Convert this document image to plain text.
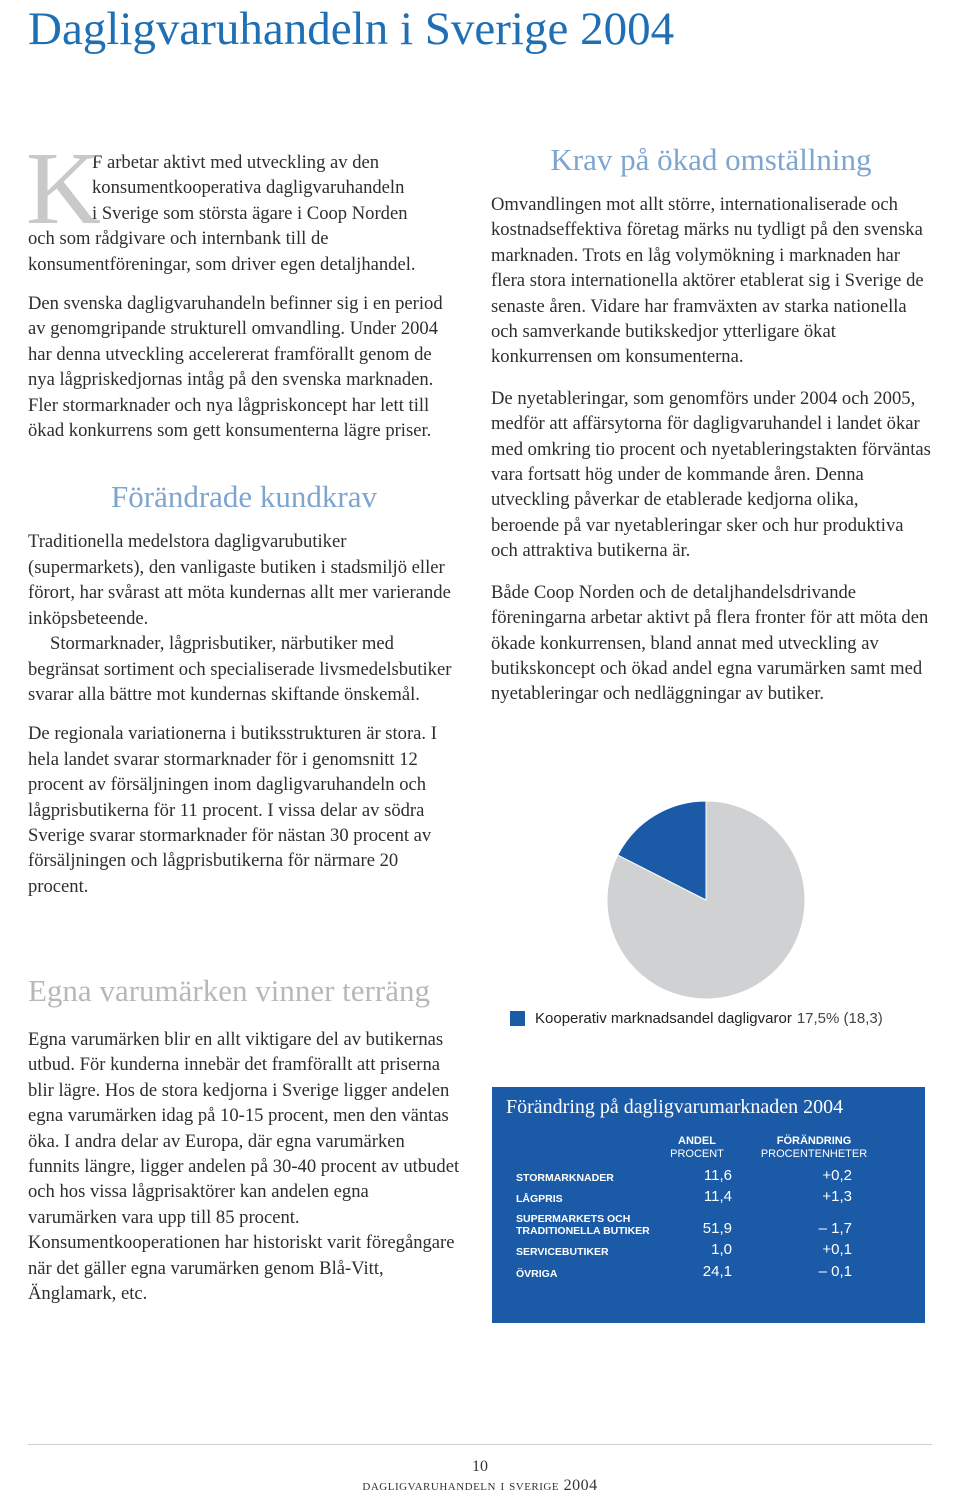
Dagligvaruhandeln i Sverige 2004
K
F arbetar aktivt med utveckling av den
konsumentkooperativa dagligvaruhandeln
i Sverige som största ägare i Coop Norden
och som rådgivare och internbank till de konsumentföreningar, som driver egen detaljhandel.

Den svenska dagligvaruhandeln befinner sig i en period av genomgripande strukturell omvandling. Under 2004 har denna utveckling accelererat framförallt genom de nya lågpriskedjornas intåg på den svenska marknaden. Fler stormarknader och nya lågpriskoncept har lett till ökad konkurrens som gett konsumenterna lägre priser.

Förändrade kundkrav

Traditionella medelstora dagligvarubutiker (supermarkets), den vanligaste butiken i stadsmiljö eller förort, har svårast att möta kundernas allt mer varierande inköpsbeteende.

Stormarknader, lågprisbutiker, närbutiker med begränsat sortiment och specialiserade livsmedelsbutiker svarar alla bättre mot kundernas skiftande önskemål.

De regionala variationerna i butiksstrukturen är stora. I hela landet svarar stormarknader för i genomsnitt 12 procent av försäljningen inom dagligvaruhandeln och lågprisbutikerna för 11 procent. I vissa delar av södra Sverige svarar stormarknader för nästan 30 procent av försäljningen och lågprisbutikerna för närmare 20 procent.

Egna varumärken vinner terräng

Egna varumärken blir en allt viktigare del av butikernas utbud. För kunderna innebär det framförallt att priserna blir lägre. Hos de stora kedjorna i Sverige ligger andelen egna varumärken idag på 10-15 procent, men den väntas öka. I andra delar av Europa, där egna varumärken funnits längre, ligger andelen på 30-40 procent av utbudet och hos vissa lågprisaktörer kan andelen egna varumärken vara upp till 85 procent. Konsumentkooperationen har historiskt varit föregångare när det gäller egna varumärken genom Blå-Vitt, Änglamark, etc.

Krav på ökad omställning

Omvandlingen mot allt större, internationaliserade och kostnadseffektiva företag märks nu tydligt på den svenska marknaden. Trots en låg volymökning i marknaden har flera stora internationella aktörer etablerat sig i Sverige de senaste åren. Vidare har framväxten av starka nationella och samverkande butikskedjor ytterligare ökat konkurrensen om konsumenterna.

De nyetableringar, som genomförs under 2004 och 2005, medför att affärsytorna för dagligvaruhandel i landet ökar med omkring tio procent och nyetableringstakten förväntas vara fortsatt hög under de kommande åren. Denna utveckling påverkar de etablerade kedjorna olika, beroende på var nyetableringar sker och hur produktiva och attraktiva butikerna är.

Både Coop Norden och de detaljhandelsdrivande föreningarna arbetar aktivt på flera fronter för att möta den ökade konkurrensen, bland annat med utveckling av butikskoncept och ökad andel egna varumärken samt med nyetableringar och nedläggningar av butiker.

Kooperativ marknadsandel dagligvaror 17,5% (18,3)
Förändring på dagligvarumarknaden 2004
ANDEL
PROCENT
FÖRÄNDRING
PROCENTENHETER
STORMARKNADER	11,6	+0,2
LÅGPRIS	11,4	+1,3
SUPERMARKETS OCH
TRADITIONELLA BUTIKER	51,9	– 1,7
SERVICEBUTIKER	1,0	+0,1
ÖVRIGA	24,1	– 0,1
10
dagligvaruhandeln i sverige 2004
